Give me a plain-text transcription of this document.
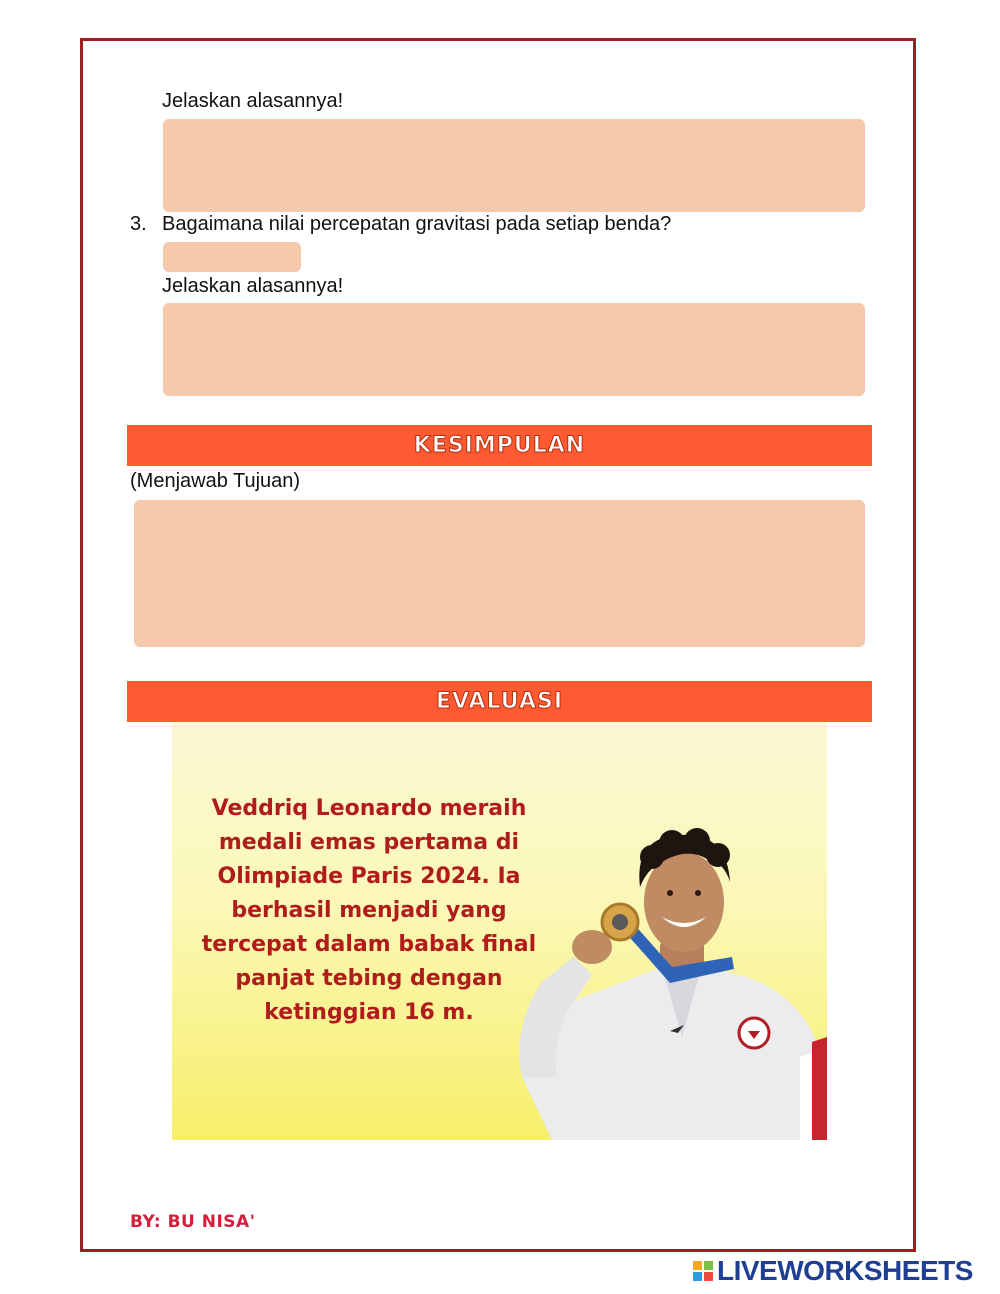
Jelaskan alasannya!
3. Bagaimana nilai percepatan gravitasi pada setiap benda?
Jelaskan alasannya!
KESIMPULAN
(Menjawab Tujuan)
EVALUASI
Veddriq Leonardo meraih
medali emas pertama di
Olimpiade Paris 2024. Ia
berhasil menjadi yang
tercepat dalam babak final
panjat tebing dengan
ketinggian 16 m.
BY: BU NISA'
LIVEWORKSHEETS
